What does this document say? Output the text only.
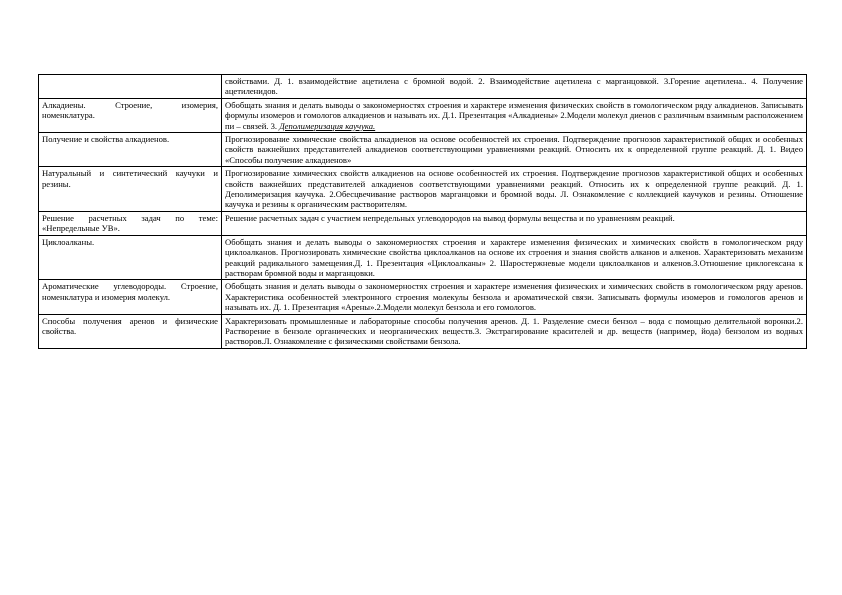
	свойствами. Д. 1. взаимодействие ацетилена с бромной водой. 2. Взаимодействие ацетилена с марганцовкой. 3.Горение ацетилена.. 4. Получение ацетиленидов.
Алкадиены. Строение, изомерия, номенклатура.	Обобщать знания и делать выводы о закономерностях строения и характере изменения физических свойств в гомологическом ряду алкадиенов. Записывать формулы изомеров и гомологов алкадиенов и называть их. Д.1. Презентация «Алкадиены» 2.Модели молекул диенов с различным взаимным расположением пи – связей. 3. Деполимеризация каучука.
Получение и свойства алкадиенов.	Прогнозирование химические свойства алкадиенов на основе особенностей их строения. Подтверждение прогнозов характеристикой общих и особенных свойств важнейших представителей алкадиенов соответствующими уравнениями реакций. Относить их к определенной группе реакций. Д. 1. Видео «Способы получение алкадиенов»
Натуральный и синтетический каучуки и резины.	Прогнозирование химических свойств алкадиенов на основе особенностей их строения. Подтверждение прогнозов характеристикой общих и особенных свойств важнейших представителей алкадиенов соответствующими уравнениями реакций. Относить их к определенной группе реакций. Д. 1. Деполимеризация каучука. 2.Обесцвечивание растворов марганцовки и бромной воды. Л. Ознакомление с коллекцией каучуков и резины. Отношение каучука и резины к органическим растворителям.
Решение расчетных задач по теме: «Непредельные УВ».	Решение расчетных задач с участием непредельных углеводородов на вывод формулы вещества и по уравнениям реакций.
Циклоалканы.	Обобщать знания и делать выводы о закономерностях строения и характере изменения физических и химических свойств в гомологическом ряду циклоалканов. Прогнозировать химические свойства циклоалканов на основе их строения и знания свойств алканов и алкенов. Характеризовать механизм реакций радикального замещения.Д. 1. Презентация «Циклоалканы» 2. Шаростержневые модели циклоалканов и алкенов.3.Отношение циклогексана к растворам бромной воды и марганцовки.
Ароматические углеводороды. Строение, номенклатура и изомерия молекул.	Обобщать знания и делать выводы о закономерностях строения и характере изменения физических и химических свойств в гомологическом ряду аренов. Характеристика особенностей электронного строения молекулы бензола и ароматической связи. Записывать формулы изомеров и гомологов аренов и называть их. Д. 1. Презентация «Арены».2.Модели молекул бензола и его гомологов.
Способы получения аренов и физические свойства.	Характеризовать промышленные и лабораторные способы получения аренов. Д. 1. Разделение смеси бензол – вода с помощью делительной воронки.2. Растворение в бензоле органических и неорганических веществ.3. Экстрагирование красителей и др. веществ (например, йода) бензолом из водных растворов.Л. Ознакомление с физическими свойствами бензола.
